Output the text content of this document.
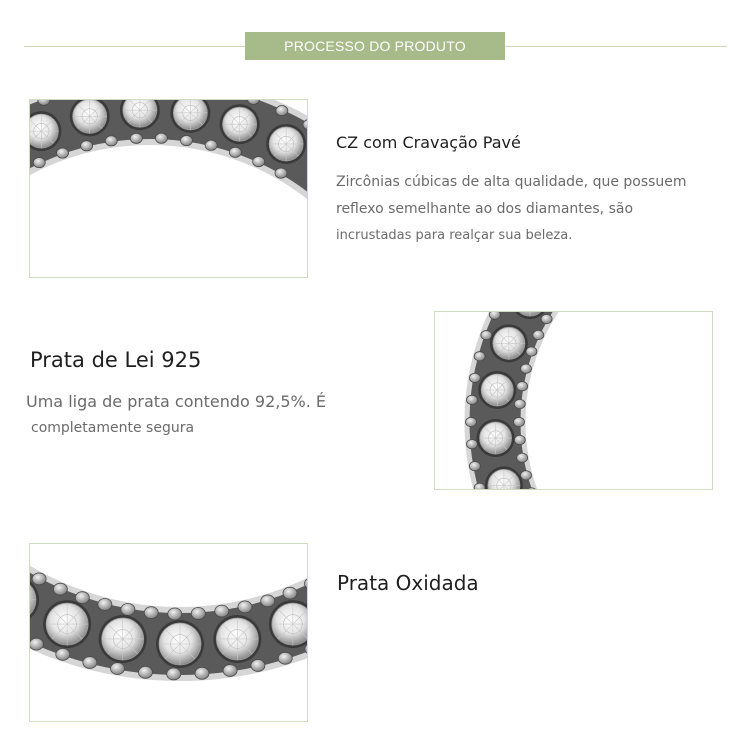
PROCESSO DO PRODUTO
CZ com Cravação Pavé
Zircônias cúbicas de alta qualidade, que possuem
reflexo semelhante ao dos diamantes, são
incrustadas para realçar sua beleza.
Prata de Lei 925
Uma liga de prata contendo 92,5%. É
completamente segura
Prata Oxidada
